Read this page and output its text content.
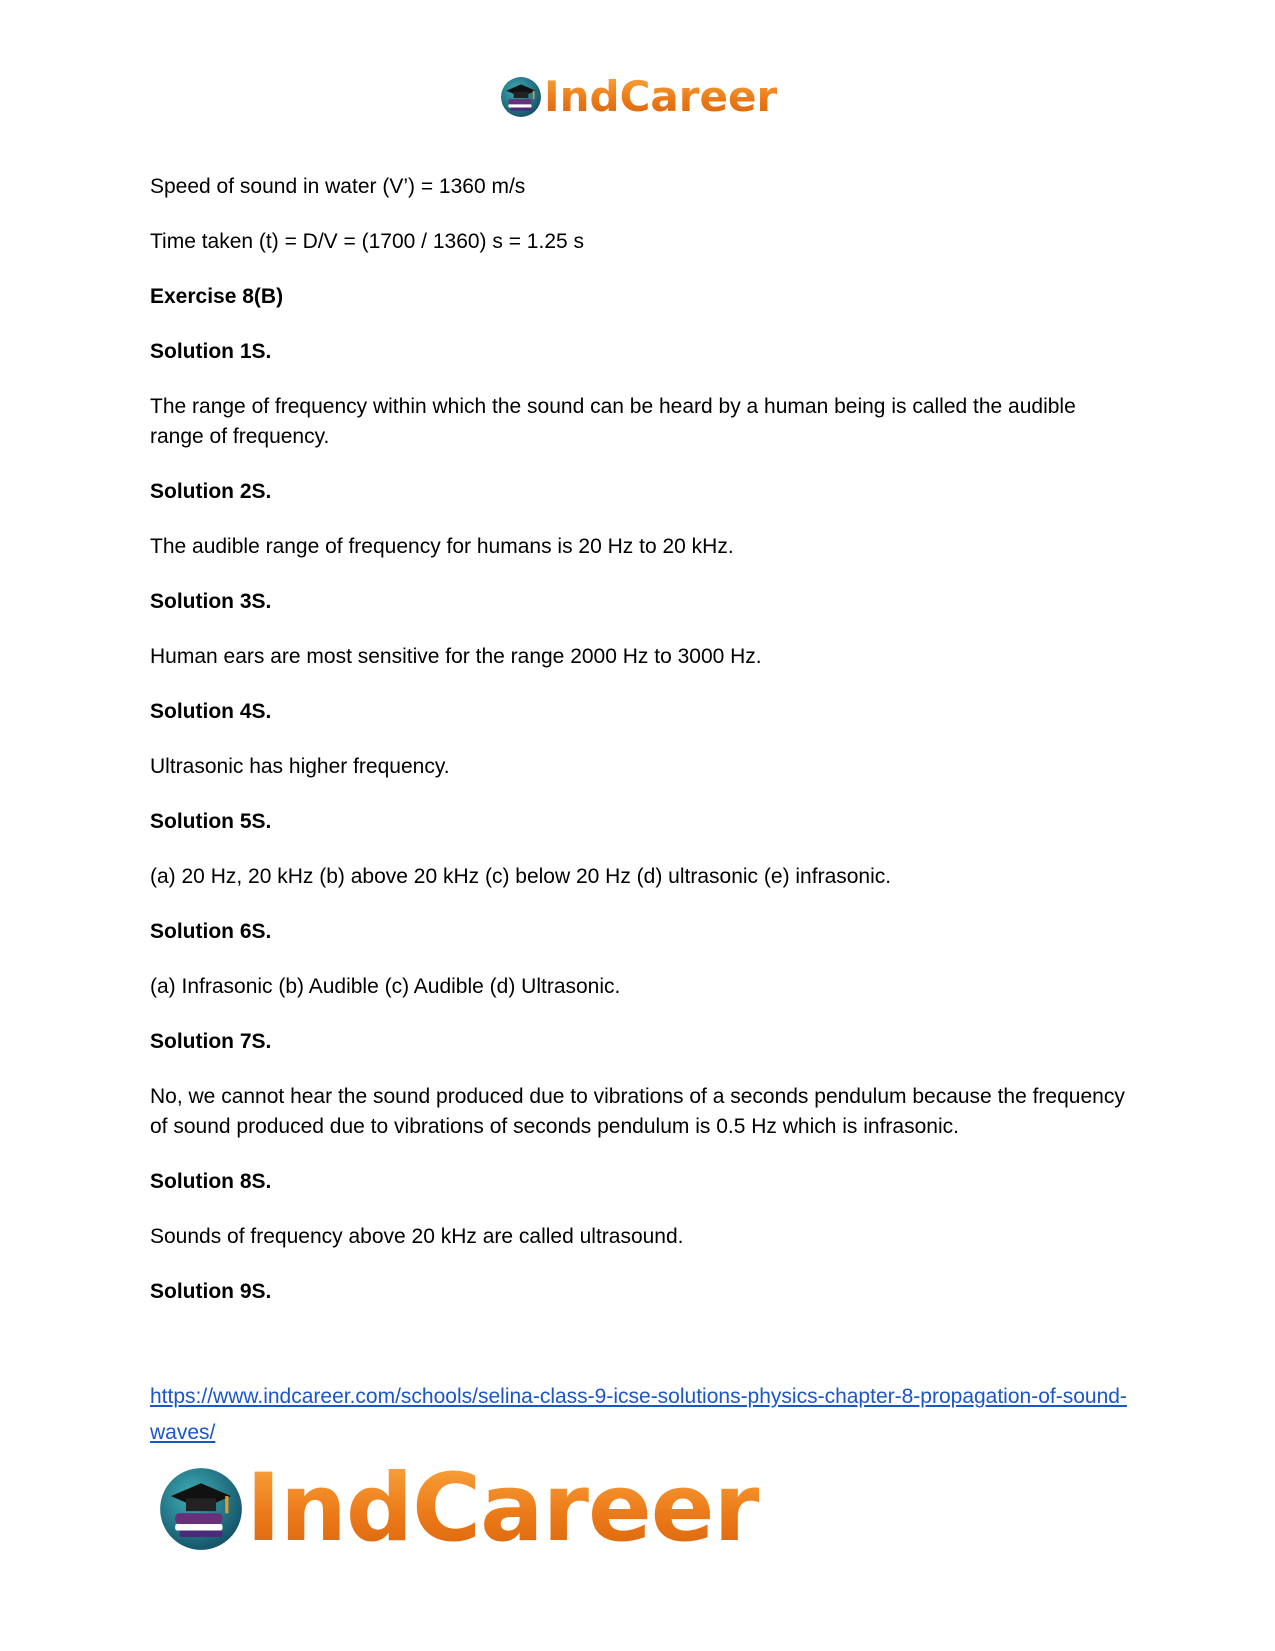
IndCareer
Speed of sound in water (V’) = 1360 m/s
Time taken (t) = D/V = (1700 / 1360) s = 1.25 s
Exercise 8(B)
Solution 1S.
The range of frequency within which the sound can be heard by a human being is called the audible range of frequency.
Solution 2S.
The audible range of frequency for humans is 20 Hz to 20 kHz.
Solution 3S.
Human ears are most sensitive for the range 2000 Hz to 3000 Hz.
Solution 4S.
Ultrasonic has higher frequency.
Solution 5S.
(a) 20 Hz, 20 kHz (b) above 20 kHz (c) below 20 Hz (d) ultrasonic (e) infrasonic.
Solution 6S.
(a) Infrasonic (b) Audible (c) Audible (d) Ultrasonic.
Solution 7S.
No, we cannot hear the sound produced due to vibrations of a seconds pendulum because the frequency of sound produced due to vibrations of seconds pendulum is 0.5 Hz which is infrasonic.
Solution 8S.
Sounds of frequency above 20 kHz are called ultrasound.
Solution 9S.
https://www.indcareer.com/schools/selina-class-9-icse-solutions-physics-chapter-8-propagation-of-sound-waves/
IndCareer
